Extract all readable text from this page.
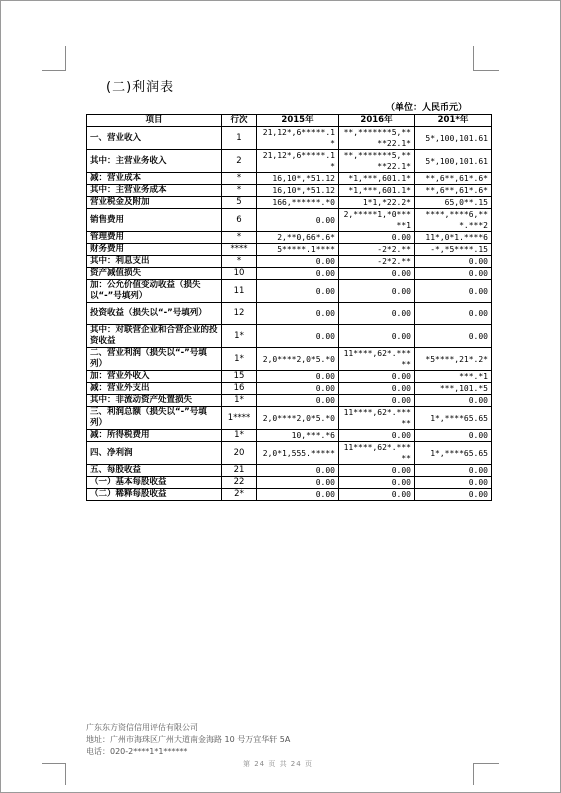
(二)利润表
（单位：人民币元）
项目	行次	2015年	2016年	201*年
一、营业收入	1	21,12*,6*****.1*	**,*******5,****22.1*	5*,100,101.61
其中：主营业务收入	2	21,12*,6*****.1*	**,*******5,****22.1*	5*,100,101.61
减：营业成本	*	16,10*,*51.12	*1,***,601.1*	**,6**,61*.6*
其中：主营业务成本	*	16,10*,*51.12	*1,***,601.1*	**,6**,61*.6*
营业税金及附加	5	166,******.*0	1*1,*22.2*	65,0**.15
销售费用	6	0.00	2,*****1,*0*****1	****,****6,***.***2
管理费用	*	2,**0,66*.6*	0.00	11*,0*1.****6
财务费用	****	5*****.1****	-2*2.**	-*,*5****.15
其中：利息支出	*	0.00	-2*2.**	0.00
资产减值损失	10	0.00	0.00	0.00
加：公允价值变动收益（损失以“-”号填列）	11	0.00	0.00	0.00
投资收益（损失以“-”号填列）	12	0.00	0.00	0.00
其中：对联营企业和合营企业的投资收益	1*	0.00	0.00	0.00
二、营业利润（损失以“-”号填列）	1*	2,0****2,0*5.*0	11****,62*.*****	*5****,21*.2*
加：营业外收入	15	0.00	0.00	***.*1
减：营业外支出	16	0.00	0.00	***,101.*5
其中：非流动资产处置损失	1*	0.00	0.00	0.00
三、利润总额（损失以“-”号填列）	1****	2,0****2,0*5.*0	11****,62*.*****	1*,****65.65
减：所得税费用	1*	10,***.*6	0.00	0.00
四、净利润	20	2,0*1,555.*****	11****,62*.*****	1*,****65.65
五、每股收益	21	0.00	0.00	0.00
（一）基本每股收益	22	0.00	0.00	0.00
（二）稀释每股收益	2*	0.00	0.00	0.00
广东东方资信信用评估有限公司
地址：广州市海珠区广州大道南金海路 10 号万宜华轩 5A
电话：020-2****1*1******
第 24 页 共 24 页
